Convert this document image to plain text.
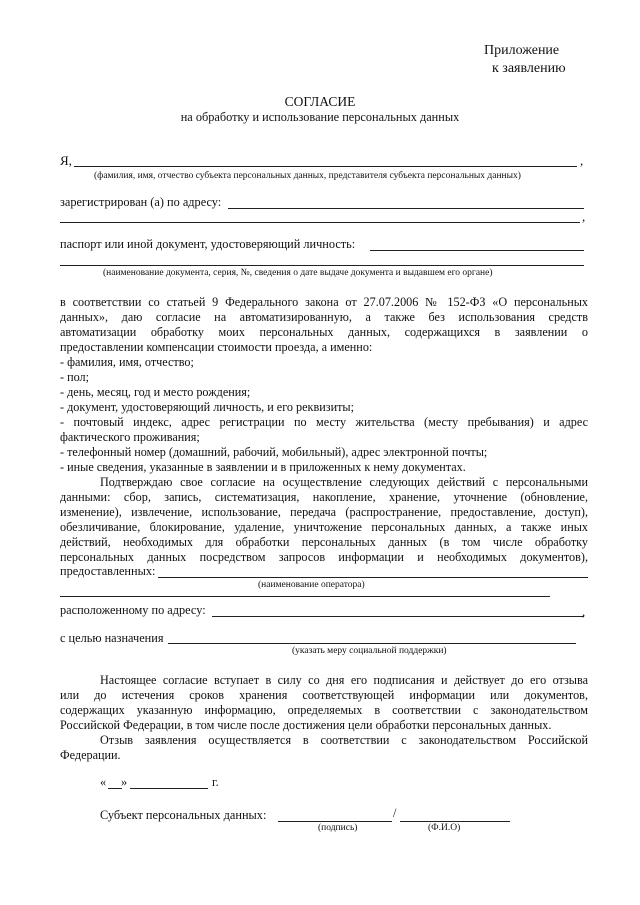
Приложение
к заявлению
СОГЛАСИЕ
на обработку и использование персональных данных
Я,	,
(фамилия, имя, отчество субъекта персональных данных, представителя субъекта персональных данных)
зарегистрирован (а) по адресу:
,
паспорт или иной документ, удостоверяющий личность:
(наименование документа, серия, №, сведения о дате выдаче документа и выдавшем его органе)
в соответствии со статьей 9 Федерального закона от 27.07.2006 № 152-ФЗ «О персональных
данных», даю согласие на автоматизированную, а также без использования средств
автоматизации обработку моих персональных данных, содержащихся в заявлении о
предоставлении компенсации стоимости проезда, а именно:
- фамилия, имя, отчество;
- пол;
- день, месяц, год и место рождения;
- документ, удостоверяющий личность, и его реквизиты;
- почтовый индекс, адрес регистрации по месту жительства (месту пребывания) и адрес
фактического проживания;
- телефонный номер (домашний, рабочий, мобильный), адрес электронной почты;
- иные сведения, указанные в заявлении и в приложенных к нему документах.
Подтверждаю свое согласие на осуществление следующих действий с персональными
данными: сбор, запись, систематизация, накопление, хранение, уточнение (обновление,
изменение), извлечение, использование, передача (распространение, предоставление, доступ),
обезличивание, блокирование, удаление, уничтожение персональных данных, а также иных
действий, необходимых для обработки персональных данных (в том числе обработку
персональных данных посредством запросов информации и необходимых документов),
предоставленных:
(наименование оператора)
расположенному по адресу:	,
с целью назначения
(указать меру социальной поддержки)
Настоящее согласие вступает в силу со дня его подписания и действует до его отзыва
или до истечения сроков хранения соответствующей информации или документов,
содержащих указанную информацию, определяемых в соответствии с законодательством
Российской Федерации, в том числе после достижения цели обработки персональных данных.
Отзыв заявления осуществляется в соответствии с законодательством Российской
Федерации.
« »	г.
Субъект персональных данных:	/
(подпись)	(Ф.И.О)
